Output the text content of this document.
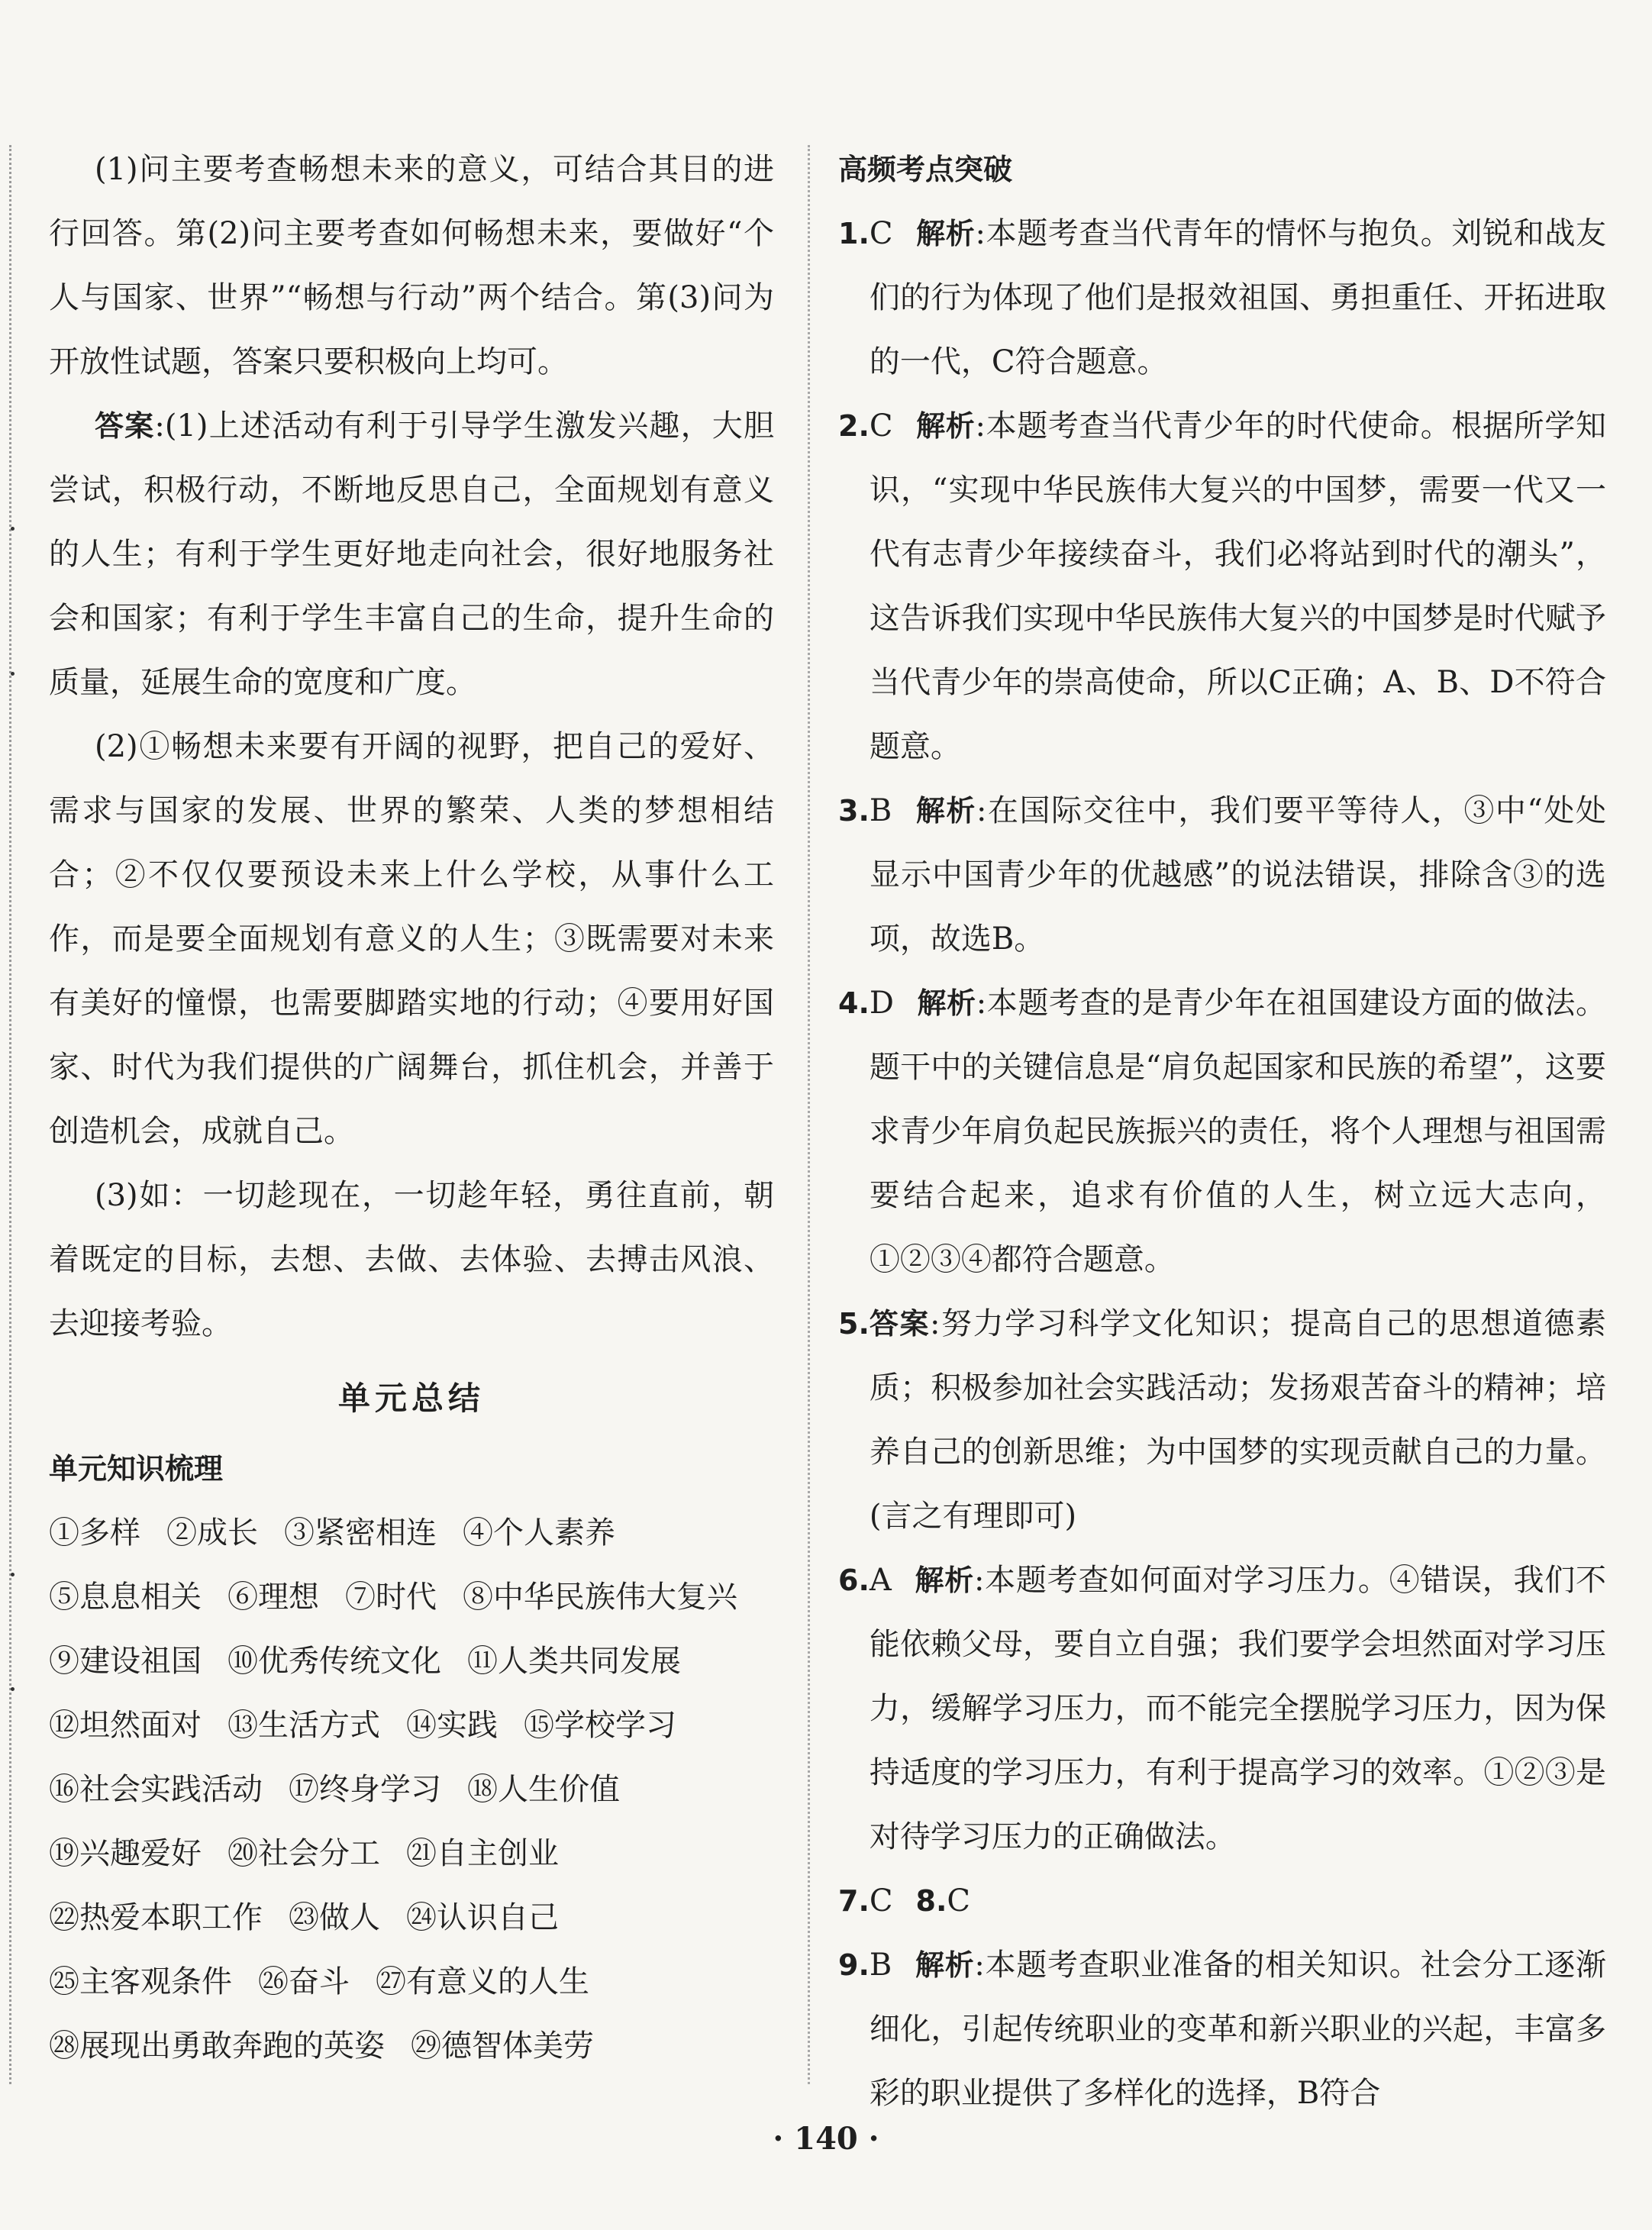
(1)问主要考查畅想未来的意义，可结合其目的进行回答。第(2)问主要考查如何畅想未来，要做好“个人与国家、世界”“畅想与行动”两个结合。第(3)问为开放性试题，答案只要积极向上均可。

答案:(1)上述活动有利于引导学生激发兴趣，大胆尝试，积极行动，不断地反思自己，全面规划有意义的人生；有利于学生更好地走向社会，很好地服务社会和国家；有利于学生丰富自己的生命，提升生命的质量，延展生命的宽度和广度。

(2)①畅想未来要有开阔的视野，把自己的爱好、需求与国家的发展、世界的繁荣、人类的梦想相结合；②不仅仅要预设未来上什么学校，从事什么工作，而是要全面规划有意义的人生；③既需要对未来有美好的憧憬，也需要脚踏实地的行动；④要用好国家、时代为我们提供的广阔舞台，抓住机会，并善于创造机会，成就自己。

(3)如：一切趁现在，一切趁年轻，勇往直前，朝着既定的目标，去想、去做、去体验、去搏击风浪、去迎接考验。

单元总结
单元知识梳理

①多样 ②成长 ③紧密相连 ④个人素养

⑤息息相关 ⑥理想 ⑦时代 ⑧中华民族伟大复兴

⑨建设祖国 ⑩优秀传统文化 ⑪人类共同发展

⑫坦然面对 ⑬生活方式 ⑭实践 ⑮学校学习

⑯社会实践活动 ⑰终身学习 ⑱人生价值

⑲兴趣爱好 ⑳社会分工 ㉑自主创业

㉒热爱本职工作 ㉓做人 ㉔认识自己

㉕主客观条件 ㉖奋斗 ㉗有意义的人生

㉘展现出勇敢奔跑的英姿 ㉙德智体美劳

高频考点突破
1. C 解析:本题考查当代青年的情怀与抱负。刘锐和战友们的行为体现了他们是报效祖国、勇担重任、开拓进取的一代，C符合题意。
2. C 解析:本题考查当代青少年的时代使命。根据所学知识，“实现中华民族伟大复兴的中国梦，需要一代又一代有志青少年接续奋斗，我们必将站到时代的潮头”，这告诉我们实现中华民族伟大复兴的中国梦是时代赋予当代青少年的崇高使命，所以C正确；A、B、D不符合题意。
3. B 解析:在国际交往中，我们要平等待人，③中“处处显示中国青少年的优越感”的说法错误，排除含③的选项，故选B。
4. D 解析:本题考查的是青少年在祖国建设方面的做法。题干中的关键信息是“肩负起国家和民族的希望”，这要求青少年肩负起民族振兴的责任，将个人理想与祖国需要结合起来，追求有价值的人生，树立远大志向，①②③④都符合题意。
5. 答案:努力学习科学文化知识；提高自己的思想道德素质；积极参加社会实践活动；发扬艰苦奋斗的精神；培养自己的创新思维；为中国梦的实现贡献自己的力量。(言之有理即可)
6. A 解析:本题考查如何面对学习压力。④错误，我们不能依赖父母，要自立自强；我们要学会坦然面对学习压力，缓解学习压力，而不能完全摆脱学习压力，因为保持适度的学习压力，有利于提高学习的效率。①②③是对待学习压力的正确做法。
7. C 8.C
9. B 解析:本题考查职业准备的相关知识。社会分工逐渐细化，引起传统职业的变革和新兴职业的兴起，丰富多彩的职业提供了多样化的选择，B符合
· 140 ·
